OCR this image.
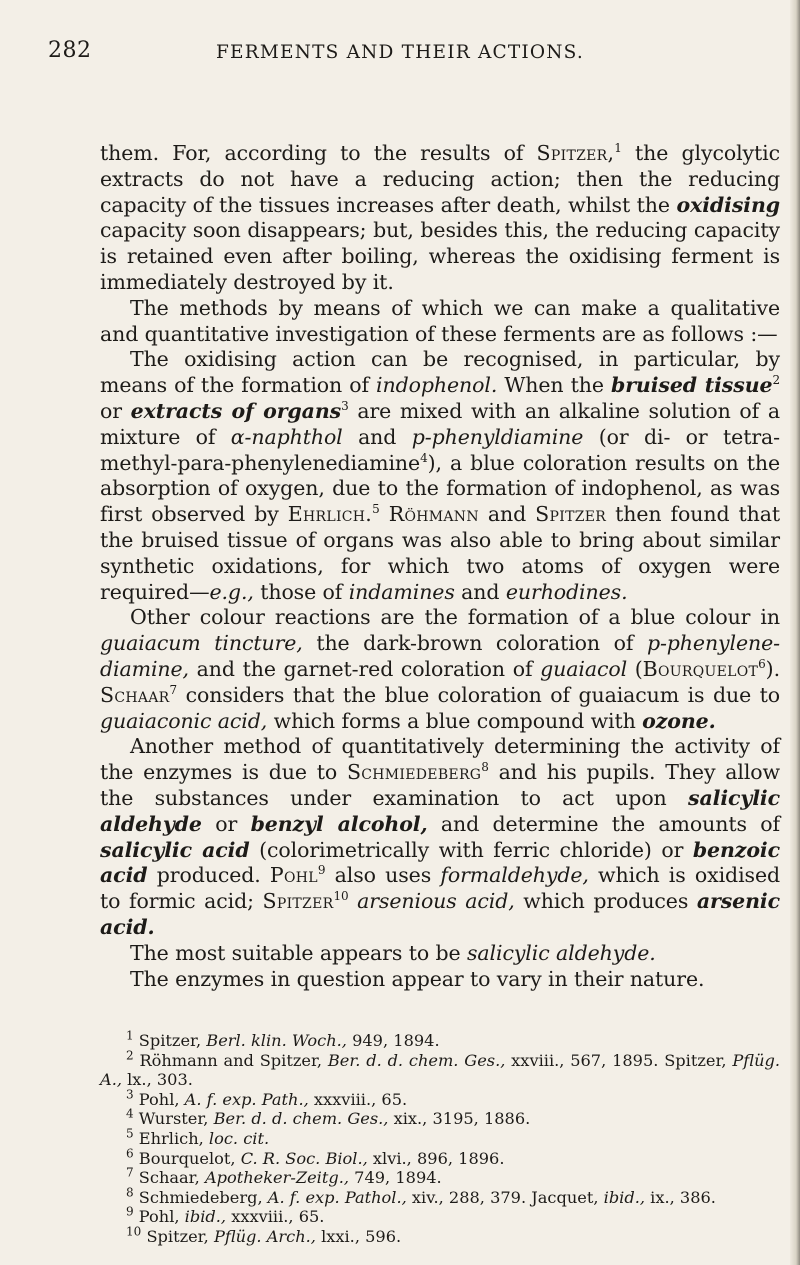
282	FERMENTS AND THEIR ACTIONS.

them. For, according to the results of Spitzer,$^1$ the glycolytic extracts do not have a reducing action; then the reducing capacity of the tissues increases after death, whilst the oxidising capacity soon disappears; but, besides this, the reducing capacity is retained even after boiling, whereas the oxidising ferment is immediately destroyed by it.

The methods by means of which we can make a qualitative and quantitative investigation of these ferments are as follows :—

The oxidising action can be recognised, in particular, by means of the formation of indophenol. When the bruised tissue$^2$ or extracts of organs$^3$ are mixed with an alkaline solution of a mixture of α-naphthol and p-phenyldiamine (or di- or tetra-methyl-para-phenylenediamine$^4$), a blue coloration results on the absorption of oxygen, due to the formation of indophenol, as was first observed by Ehrlich.$^5$ Röhmann and Spitzer then found that the bruised tissue of organs was also able to bring about similar synthetic oxidations, for which two atoms of oxygen were required—e.g., those of indamines and eurhodines.

Other colour reactions are the formation of a blue colour in guaiacum tincture, the dark-brown coloration of p-phenylene-diamine, and the garnet-red coloration of guaiacol (Bourquelot$^6$). Schaar$^7$ considers that the blue coloration of guaiacum is due to guaiaconic acid, which forms a blue compound with ozone.

Another method of quantitatively determining the activity of the enzymes is due to Schmiedeberg$^8$ and his pupils. They allow the substances under examination to act upon salicylic aldehyde or benzyl alcohol, and determine the amounts of salicylic acid (colorimetrically with ferric chloride) or benzoic acid produced. Pohl$^9$ also uses formaldehyde, which is oxidised to formic acid; Spitzer$^{10}$ arsenious acid, which produces arsenic acid.

The most suitable appears to be salicylic aldehyde.

The enzymes in question appear to vary in their nature.

$^1$ Spitzer, Berl. klin. Woch., 949, 1894.

$^2$ Röhmann and Spitzer, Ber. d. d. chem. Ges., xxviii., 567, 1895. Spitzer, Pflüg. A., lx., 303.

$^3$ Pohl, A. f. exp. Path., xxxviii., 65.

$^4$ Wurster, Ber. d. d. chem. Ges., xix., 3195, 1886.

$^5$ Ehrlich, loc. cit.

$^6$ Bourquelot, C. R. Soc. Biol., xlvi., 896, 1896.

$^7$ Schaar, Apotheker-Zeitg., 749, 1894.

$^8$ Schmiedeberg, A. f. exp. Pathol., xiv., 288, 379. Jacquet, ibid., ix., 386.

$^9$ Pohl, ibid., xxxviii., 65.

$^{10}$ Spitzer, Pflüg. Arch., lxxi., 596.
